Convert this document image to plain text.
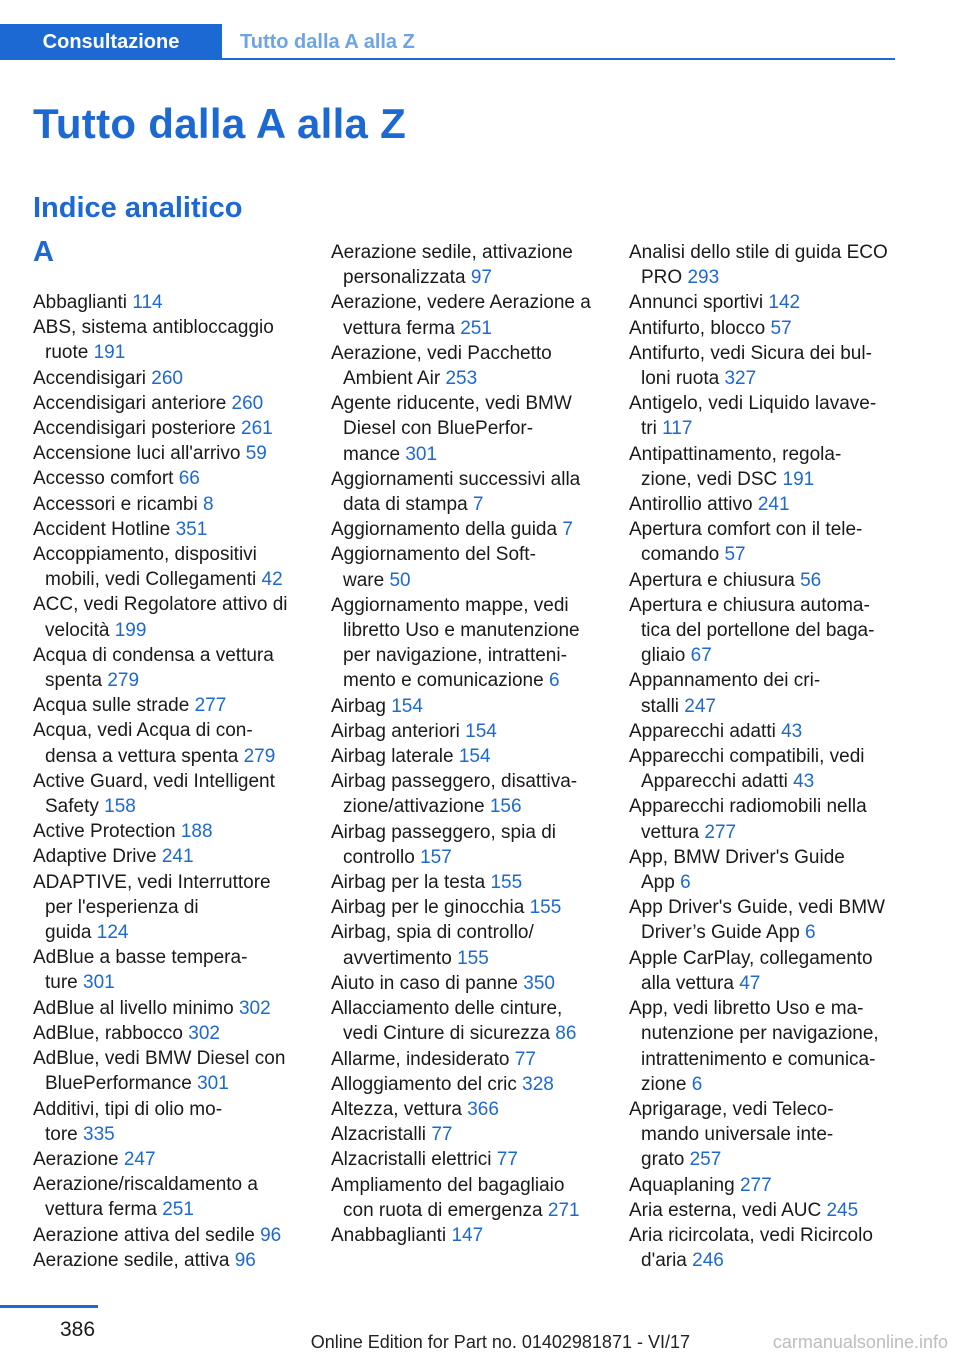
Consultazione	Tutto dalla A alla Z
Tutto dalla A alla Z
Indice analitico
A

Abbaglianti 114

ABS, sistema antibloccaggio ruote 191

Accendisigari 260

Accendisigari anteriore 260

Accendisigari posteriore 261

Accensione luci all'arrivo 59

Accesso comfort 66

Accessori e ricambi 8

Accident Hotline 351

Accoppiamento, dispositivi mobili, vedi Collegamenti 42

ACC, vedi Regolatore attivo di velocità 199

Acqua di condensa a vettura spenta 279

Acqua sulle strade 277

Acqua, vedi Acqua di con-
densa a vettura spenta 279

Active Guard, vedi Intelligent Safety 158

Active Protection 188

Adaptive Drive 241

ADAPTIVE, vedi Interruttore per l'esperienza di
guida 124

AdBlue a basse tempera-
ture 301

AdBlue al livello minimo 302

AdBlue, rabbocco 302

AdBlue, vedi BMW Diesel con BluePerformance 301

Additivi, tipi di olio mo-
tore 335

Aerazione 247

Aerazione/riscaldamento a vettura ferma 251

Aerazione attiva del sedile 96

Aerazione sedile, attiva 96

Aerazione sedile, attivazione personalizzata 97

Aerazione, vedere Aerazione a vettura ferma 251

Aerazione, vedi Pacchetto Ambient Air 253

Agente riducente, vedi BMW Diesel con BluePerfor-
mance 301

Aggiornamenti successivi alla data di stampa 7

Aggiornamento della guida 7

Aggiornamento del Soft-
ware 50

Aggiornamento mappe, vedi libretto Uso e manutenzione per navigazione, intratteni-
mento e comunicazione 6

Airbag 154

Airbag anteriori 154

Airbag laterale 154

Airbag passeggero, disattiva-
zione/attivazione 156

Airbag passeggero, spia di controllo 157

Airbag per la testa 155

Airbag per le ginocchia 155

Airbag, spia di controllo/
avvertimento 155

Aiuto in caso di panne 350

Allacciamento delle cinture, vedi Cinture di sicurezza 86

Allarme, indesiderato 77

Alloggiamento del cric 328

Altezza, vettura 366

Alzacristalli 77

Alzacristalli elettrici 77

Ampliamento del bagagliaio con ruota di emergenza 271

Anabbaglianti 147

Analisi dello stile di guida ECO PRO 293

Annunci sportivi 142

Antifurto, blocco 57

Antifurto, vedi Sicura dei bul-
loni ruota 327

Antigelo, vedi Liquido lavave-
tri 117

Antipattinamento, regola-
zione, vedi DSC 191

Antirollio attivo 241

Apertura comfort con il tele-
comando 57

Apertura e chiusura 56

Apertura e chiusura automa-
tica del portellone del baga-
gliaio 67

Appannamento dei cri-
stalli 247

Apparecchi adatti 43

Apparecchi compatibili, vedi Apparecchi adatti 43

Apparecchi radiomobili nella vettura 277

App, BMW Driver's Guide
App 6

App Driver's Guide, vedi BMW Driver’s Guide App 6

Apple CarPlay, collegamento alla vettura 47

App, vedi libretto Uso e ma-
nutenzione per navigazione, intrattenimento e comunica-
zione 6

Aprigarage, vedi Teleco-
mando universale inte-
grato 257

Aquaplaning 277

Aria esterna, vedi AUC 245

Aria ricircolata, vedi Ricircolo d'aria 246

386
Online Edition for Part no. 01402981871 - VI/17	carmanualsonline.info
